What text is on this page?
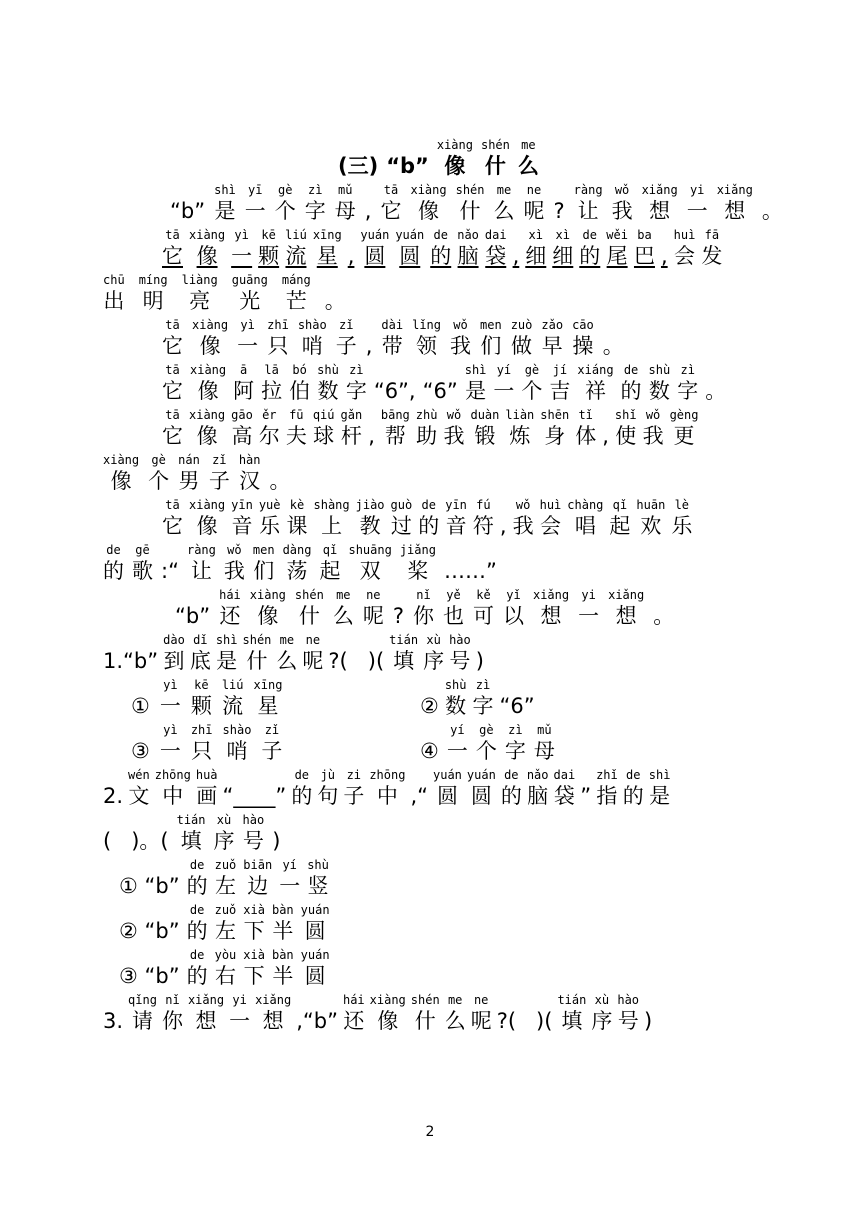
(三) “b”
xiàng
像
shén
什
me
么
“b”
shì
是
yī
一
gè
个
zì
字
mǔ
母 ,
tā
它
xiàng
像
shén
什
me
么
ne
呢 ?
ràng
让
wǒ
我
xiǎng
想
yi
一
xiǎng
想 。
tā
它
xiàng
像
yì
一
kē
颗
liú
流
xīng
星 ,
yuán
圆
yuán
圆
de
的
nǎo
脑
dai
袋 ,
xì
细
xì
细
de
的
wěi
尾
ba
巴 ,
huì
会
fā
发
chū
出
míng
明
liàng
亮
guāng
光
máng
芒 。
tā
它
xiàng
像
yì
一
zhī
只
shào
哨
zǐ
子 ,
dài
带
lǐng
领
wǒ
我
men
们
zuò
做
zǎo
早
cāo
操 。
tā
它
xiàng
像
ā
阿
lā
拉
bó
伯
shù
数
zì
字 “6”, “6”
shì
是
yí
一
gè
个
jí
吉
xiáng
祥
de
的
shù
数
zì
字 。
tā
它
xiàng
像
gāo
高
ěr
尔
fū
夫
qiú
球
gǎn
杆 ,
bāng
帮
zhù
助
wǒ
我
duàn
锻
liàn
炼
shēn
身
tǐ
体 ,
shǐ
使
wǒ
我
gèng
更
xiàng
像
gè
个
nán
男
zǐ
子
hàn
汉 。
tā
它
xiàng
像
yīn
音
yuè
乐
kè
课
shàng
上
jiào
教
guò
过
de
的
yīn
音
fú
符 ,
wǒ
我
huì
会
chàng
唱
qǐ
起
huān
欢
lè
乐
de
的
gē
歌 :“
ràng
让
wǒ
我
men
们
dàng
荡
qǐ
起
shuāng
双
jiǎng
桨 ……”
“b”
hái
还
xiàng
像
shén
什
me
么
ne
呢 ?
nǐ
你
yě
也
kě
可
yǐ
以
xiǎng
想
yi
一
xiǎng
想 。
1.“b”
dào
到
dǐ
底
shì
是
shén
什
me
么
ne
呢 ?(   )(
tián
填
xù
序
hào
号 )
①
yì
一
kē
颗
liú
流
xīng
星	②
shù
数
zì
字 “6”
③
yì
一
zhī
只
shào
哨
zǐ
子	④
yí
一
gè
个
zì
字
mǔ
母
2.
wén
文
zhōng
中
huà
画 “____”
de
的
jù
句
zi
子
zhōng
中 ,“
yuán
圆
yuán
圆
de
的
nǎo
脑
dai
袋 ”
zhǐ
指
de
的
shì
是
(   )。(
tián
填
xù
序
hào
号 )
① “b”
de
的
zuǒ
左
biān
边
yí
一
shù
竖
② “b”
de
的
zuǒ
左
xià
下
bàn
半
yuán
圆
③ “b”
de
的
yòu
右
xià
下
bàn
半
yuán
圆
3.
qǐng
请
nǐ
你
xiǎng
想
yi
一
xiǎng
想 ,“b”
hái
还
xiàng
像
shén
什
me
么
ne
呢 ?(   )(
tián
填
xù
序
hào
号 )
2
